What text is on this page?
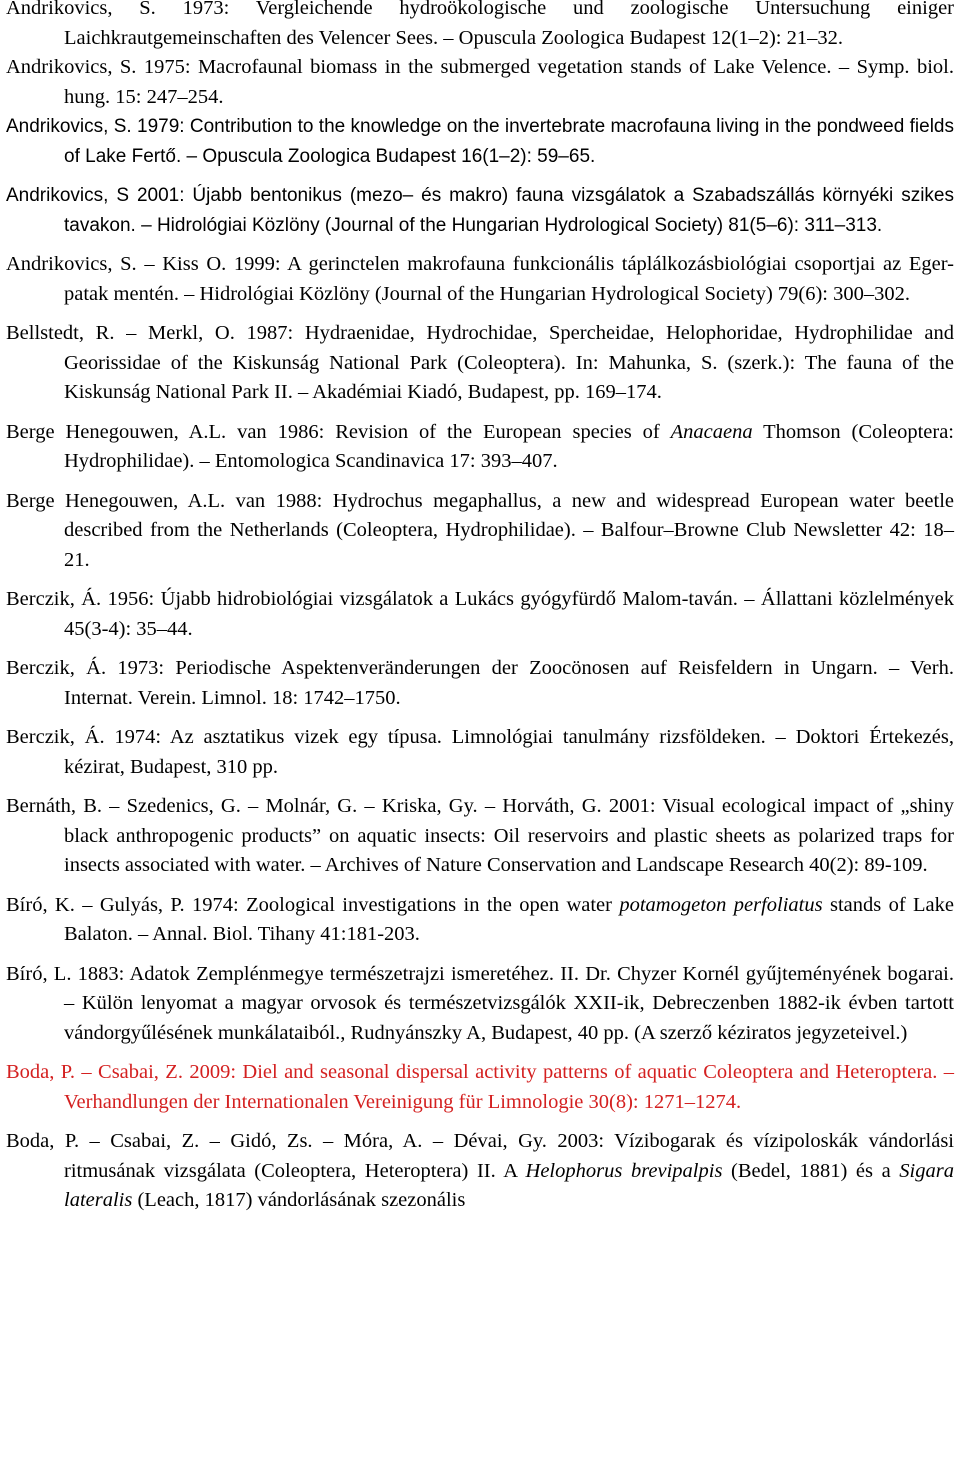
Andrikovics, S. 1973: Vergleichende hydroökologische und zoologische Untersuchung einiger Laichkrautgemeinschaften des Velencer Sees. – Opuscula Zoologica Budapest 12(1–2): 21–32.

Andrikovics, S. 1975: Macrofaunal biomass in the submerged vegetation stands of Lake Velence. – Symp. biol. hung. 15: 247–254.

Andrikovics, S. 1979: Contribution to the knowledge on the invertebrate macrofauna living in the pondweed fields of Lake Fertő. – Opuscula Zoologica Budapest 16(1–2): 59–65.

Andrikovics, S 2001: Újabb bentonikus (mezo– és makro) fauna vizsgálatok a Szabadszállás környéki szikes tavakon. – Hidrológiai Közlöny (Journal of the Hungarian Hydrological Society) 81(5–6): 311–313.

Andrikovics, S. – Kiss O. 1999: A gerinctelen makrofauna funkcionális táplálkozásbiológiai csoportjai az Eger-patak mentén. – Hidrológiai Közlöny (Journal of the Hungarian Hydrological Society) 79(6): 300–302.

Bellstedt, R. – Merkl, O. 1987: Hydraenidae, Hydrochidae, Spercheidae, Helophoridae, Hydrophilidae and Georissidae of the Kiskunság National Park (Coleoptera). In: Mahunka, S. (szerk.): The fauna of the Kiskunság National Park II. – Akadémiai Kiadó, Budapest, pp. 169–174.

Berge Henegouwen, A.L. van 1986: Revision of the European species of Anacaena Thomson (Coleoptera: Hydrophilidae). – Entomologica Scandinavica 17: 393–407.

Berge Henegouwen, A.L. van 1988: Hydrochus megaphallus, a new and widespread European water beetle described from the Netherlands (Coleoptera, Hydrophilidae). – Balfour–Browne Club Newsletter 42: 18–21.

Berczik, Á. 1956: Újabb hidrobiológiai vizsgálatok a Lukács gyógyfürdő Malom-taván. – Állattani közlelmények 45(3-4): 35–44.

Berczik, Á. 1973: Periodische Aspektenveränderungen der Zoocönosen auf Reisfeldern in Ungarn. – Verh. Internat. Verein. Limnol. 18: 1742–1750.

Berczik, Á. 1974: Az asztatikus vizek egy típusa. Limnológiai tanulmány rizsföldeken. – Doktori Értekezés, kézirat, Budapest, 310 pp.

Bernáth, B. – Szedenics, G. – Molnár, G. – Kriska, Gy. – Horváth, G. 2001: Visual ecological impact of „shiny black anthropogenic products” on aquatic insects: Oil reservoirs and plastic sheets as polarized traps for insects associated with water. – Archives of Nature Conservation and Landscape Research 40(2): 89-109.

Bíró, K. – Gulyás, P. 1974: Zoological investigations in the open water potamogeton perfoliatus stands of Lake Balaton. – Annal. Biol. Tihany 41:181-203.

Bíró, L. 1883: Adatok Zemplénmegye természetrajzi ismeretéhez. II. Dr. Chyzer Kornél gyűjteményének bogarai. – Külön lenyomat a magyar orvosok és természetvizsgálók XXII-ik, Debreczenben 1882-ik évben tartott vándorgyűlésének munkálataiból., Rudnyánszky A, Budapest, 40 pp. (A szerző kéziratos jegyzeteivel.)

Boda, P. – Csabai, Z. 2009: Diel and seasonal dispersal activity patterns of aquatic Coleoptera and Heteroptera. – Verhandlungen der Internationalen Vereinigung für Limnologie 30(8): 1271–1274.

Boda, P. – Csabai, Z. – Gidó, Zs. – Móra, A. – Dévai, Gy. 2003: Vízibogarak és vízipoloskák vándorlási ritmusának vizsgálata (Coleoptera, Heteroptera) II. A Helophorus brevipalpis (Bedel, 1881) és a Sigara lateralis (Leach, 1817) vándorlásának szezonális
